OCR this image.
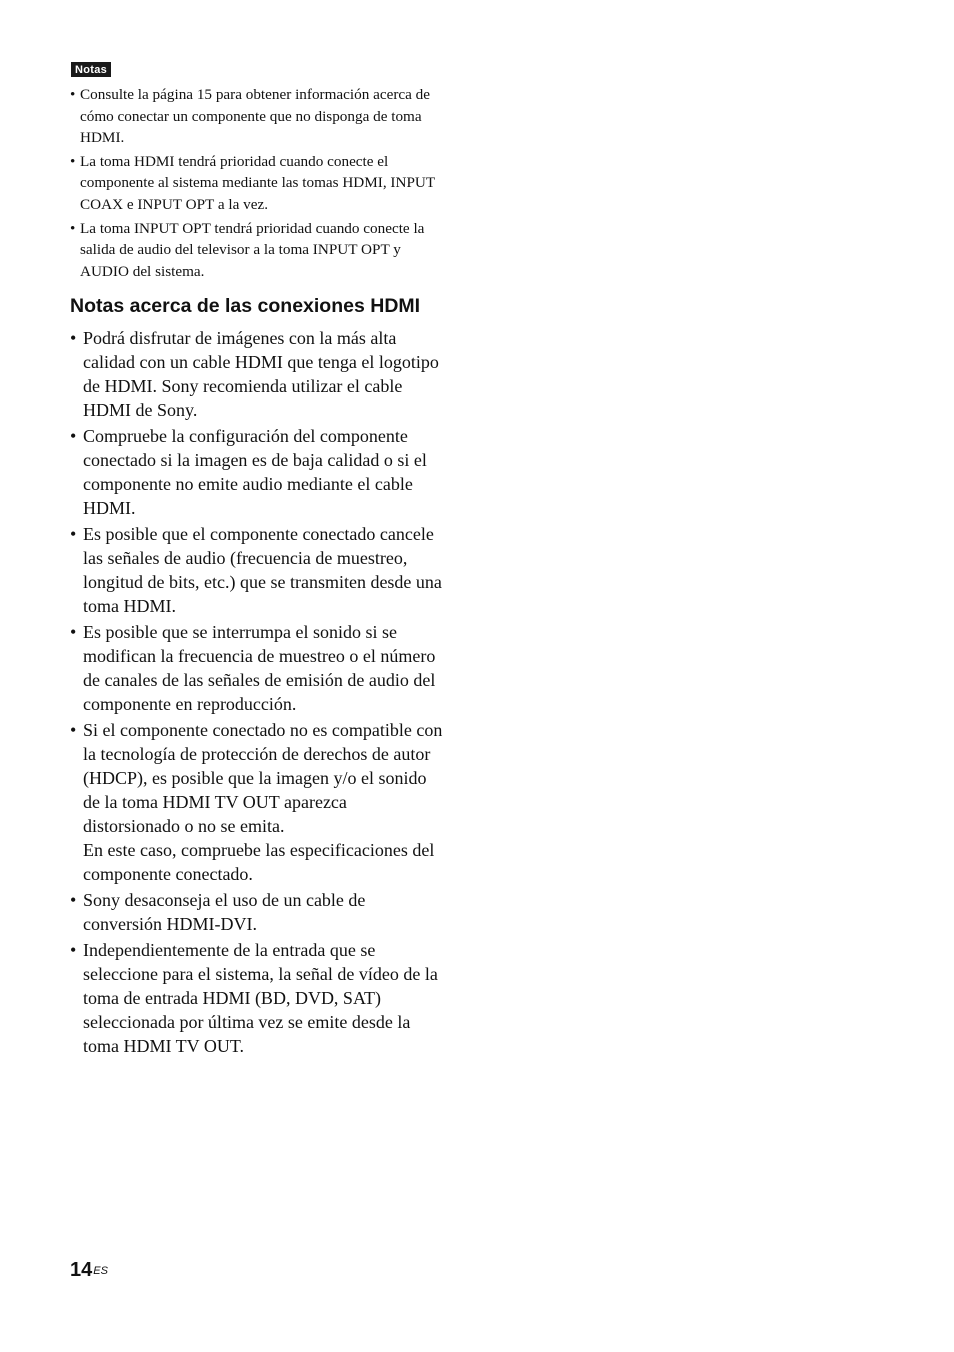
Notas
• Consulte la página 15 para obtener información acerca de cómo conectar un componente que no disponga de toma HDMI.
• La toma HDMI tendrá prioridad cuando conecte el componente al sistema mediante las tomas HDMI, INPUT COAX e INPUT OPT a la vez.
• La toma INPUT OPT tendrá prioridad cuando conecte la salida de audio del televisor a la toma INPUT OPT y AUDIO del sistema.
Notas acerca de las conexiones HDMI
• Podrá disfrutar de imágenes con la más alta calidad con un cable HDMI que tenga el logotipo de HDMI. Sony recomienda utilizar el cable HDMI de Sony.

• Compruebe la configuración del componente conectado si la imagen es de baja calidad o si el componente no emite audio mediante el cable HDMI.

• Es posible que el componente conectado cancele las señales de audio (frecuencia de muestreo, longitud de bits, etc.) que se transmiten desde una toma HDMI.

• Es posible que se interrumpa el sonido si se modifican la frecuencia de muestreo o el número de canales de las señales de emisión de audio del componente en reproducción.

• Si el componente conectado no es compatible con la tecnología de protección de derechos de autor (HDCP), es posible que la imagen y/o el sonido de la toma HDMI TV OUT aparezca distorsionado o no se emita.

En este caso, compruebe las especificaciones del componente conectado.

• Sony desaconseja el uso de un cable de conversión HDMI-DVI.

• Independientemente de la entrada que se seleccione para el sistema, la señal de vídeo de la toma de entrada HDMI (BD, DVD, SAT) seleccionada por última vez se emite desde la toma HDMI TV OUT.

$14^{ES}$
